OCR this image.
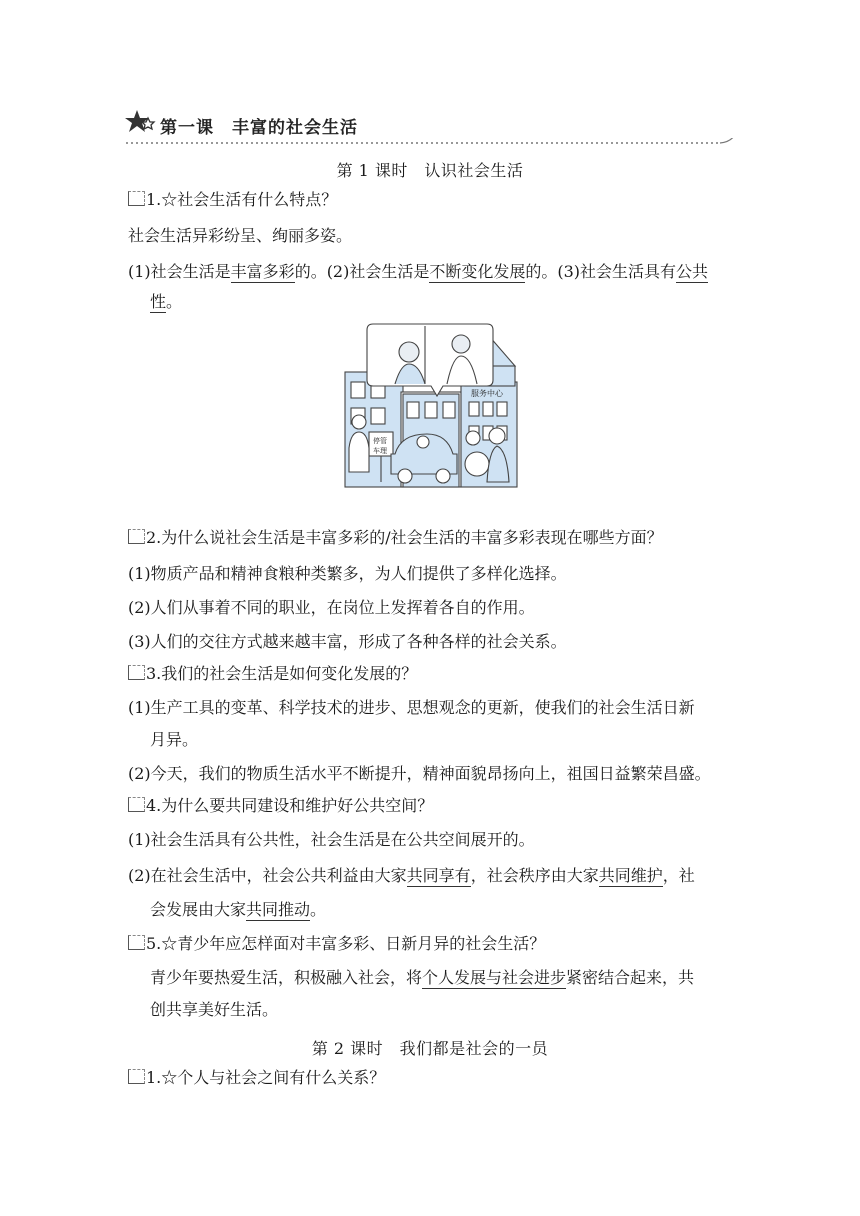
第一课　丰富的社会生活
第 1 课时　认识社会生活
1.☆社会生活有什么特点？
社会生活异彩纷呈、绚丽多姿。
(1)社会生活是丰富多彩的。(2)社会生活是不断变化发展的。(3)社会生活具有公共
性。
服务中心
停管
车理
2.为什么说社会生活是丰富多彩的/社会生活的丰富多彩表现在哪些方面？
(1)物质产品和精神食粮种类繁多，为人们提供了多样化选择。
(2)人们从事着不同的职业，在岗位上发挥着各自的作用。
(3)人们的交往方式越来越丰富，形成了各种各样的社会关系。
3.我们的社会生活是如何变化发展的？
(1)生产工具的变革、科学技术的进步、思想观念的更新，使我们的社会生活日新
月异。
(2)今天，我们的物质生活水平不断提升，精神面貌昂扬向上，祖国日益繁荣昌盛。
4.为什么要共同建设和维护好公共空间？
(1)社会生活具有公共性，社会生活是在公共空间展开的。
(2)在社会生活中，社会公共利益由大家共同享有，社会秩序由大家共同维护，社
会发展由大家共同推动。
5.☆青少年应怎样面对丰富多彩、日新月异的社会生活？
青少年要热爱生活，积极融入社会，将个人发展与社会进步紧密结合起来，共
创共享美好生活。
第 2 课时　我们都是社会的一员
1.☆个人与社会之间有什么关系？
